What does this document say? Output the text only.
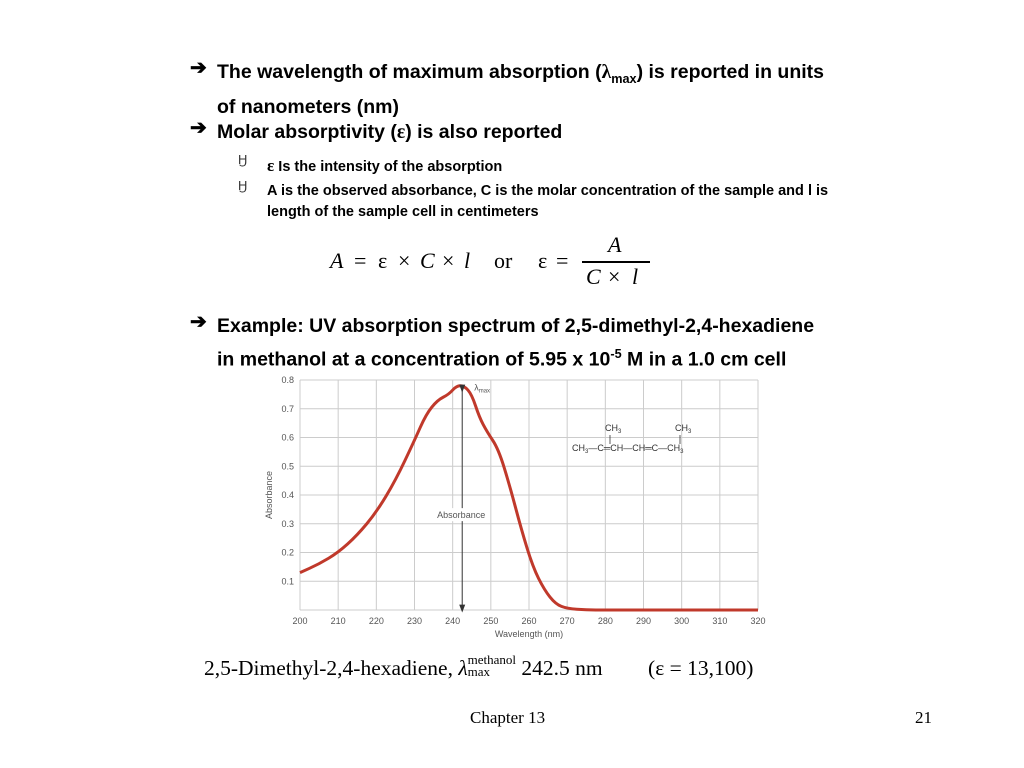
➔ The wavelength of maximum absorption $(\lambda_{max})$ is reported in units
of nanometers (nm)
➔ Molar absorptivity (ε) is also reported
Ӈ ε Is the intensity of the absorption
Ӈ A is the observed absorbance, C is the molar concentration of the sample and l is
length of the sample cell in centimeters
A = ε × C × l or ε =
A
C × l
➔ Example: UV absorption spectrum of 2,5-dimethyl-2,4-hexadiene
in methanol at a concentration of 5.95 x $10^{-5}$ M in a 1.0 cm cell
0.1
0.2
0.3
0.4
0.5
0.6
0.7
0.8
200	210	220	230	240	250	260	270	280	290	300	310	320
Absorbance
Wavelength (nm)
Absorbance
$\lambda_{max}$
$CH_3$	$CH_3$
$CH_3—C═CH—CH═C—CH_3$
2,5-Dimethyl-2,4-hexadiene, λmethanol
max 242.5 nm (ε = 13,100)
Chapter 13	21
